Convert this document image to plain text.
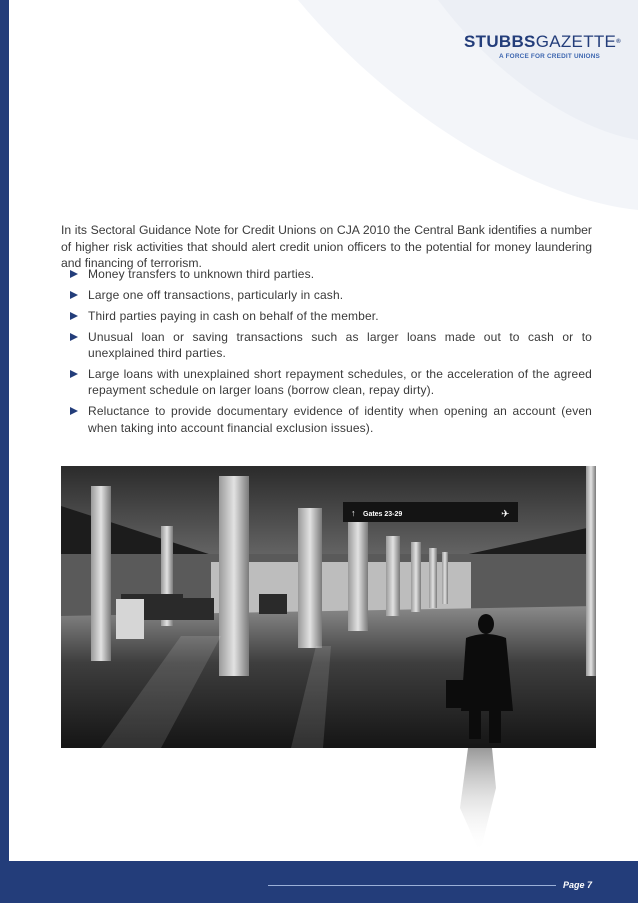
STUBBSGAZETTE®
A FORCE FOR CREDIT UNIONS

In its Sectoral Guidance Note for Credit Unions on CJA 2010 the Central Bank identifies a number of higher risk activities that should alert credit union officers to the potential for money laundering and financing of terrorism.

Money transfers to unknown third parties.
Large one off transactions, particularly in cash.
Third parties paying in cash on behalf of the member.
Unusual loan or saving transactions such as larger loans made out to cash or to unexplained third parties.
Large loans with unexplained short repayment schedules, or the acceleration of the agreed repayment schedule on larger loans (borrow clean, repay dirty).
Reluctance to provide documentary evidence of identity when opening an account (even when taking into account financial exclusion issues).
↑ Gates 23-29	✈
Page 7
